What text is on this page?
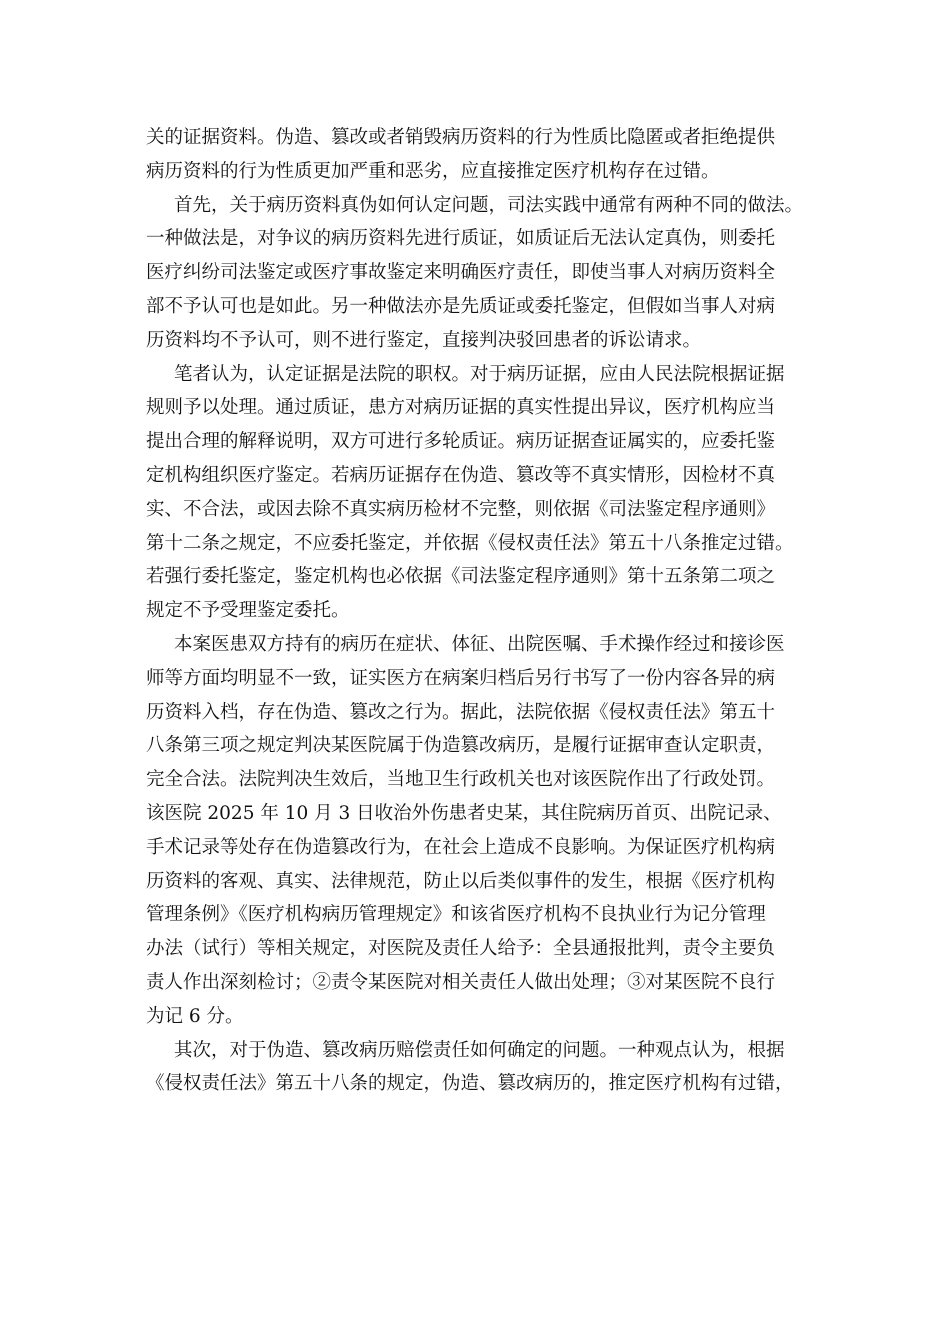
关的证据资料。伪造、篡改或者销毁病历资料的行为性质比隐匿或者拒绝提供
病历资料的行为性质更加严重和恶劣，应直接推定医疗机构存在过错。
首先，关于病历资料真伪如何认定问题，司法实践中通常有两种不同的做法。
一种做法是，对争议的病历资料先进行质证，如质证后无法认定真伪，则委托
医疗纠纷司法鉴定或医疗事故鉴定来明确医疗责任，即使当事人对病历资料全
部不予认可也是如此。另一种做法亦是先质证或委托鉴定，但假如当事人对病
历资料均不予认可，则不进行鉴定，直接判决驳回患者的诉讼请求。
笔者认为，认定证据是法院的职权。对于病历证据，应由人民法院根据证据
规则予以处理。通过质证，患方对病历证据的真实性提出异议，医疗机构应当
提出合理的解释说明，双方可进行多轮质证。病历证据查证属实的，应委托鉴
定机构组织医疗鉴定。若病历证据存在伪造、篡改等不真实情形，因检材不真
实、不合法，或因去除不真实病历检材不完整，则依据《司法鉴定程序通则》
第十二条之规定，不应委托鉴定，并依据《侵权责任法》第五十八条推定过错。
若强行委托鉴定，鉴定机构也必依据《司法鉴定程序通则》第十五条第二项之
规定不予受理鉴定委托。
本案医患双方持有的病历在症状、体征、出院医嘱、手术操作经过和接诊医
师等方面均明显不一致，证实医方在病案归档后另行书写了一份内容各异的病
历资料入档，存在伪造、篡改之行为。据此，法院依据《侵权责任法》第五十
八条第三项之规定判决某医院属于伪造篡改病历，是履行证据审查认定职责，
完全合法。法院判决生效后，当地卫生行政机关也对该医院作出了行政处罚。
该医院 2025 年 10 月 3 日收治外伤患者史某，其住院病历首页、出院记录、
手术记录等处存在伪造篡改行为，在社会上造成不良影响。为保证医疗机构病
历资料的客观、真实、法律规范，防止以后类似事件的发生，根据《医疗机构
管理条例》《医疗机构病历管理规定》和该省医疗机构不良执业行为记分管理
办法（试行）等相关规定，对医院及责任人给予：全县通报批判，责令主要负
责人作出深刻检讨；②责令某医院对相关责任人做出处理；③对某医院不良行
为记 6 分。
其次，对于伪造、篡改病历赔偿责任如何确定的问题。一种观点认为，根据
《侵权责任法》第五十八条的规定，伪造、篡改病历的，推定医疗机构有过错，
